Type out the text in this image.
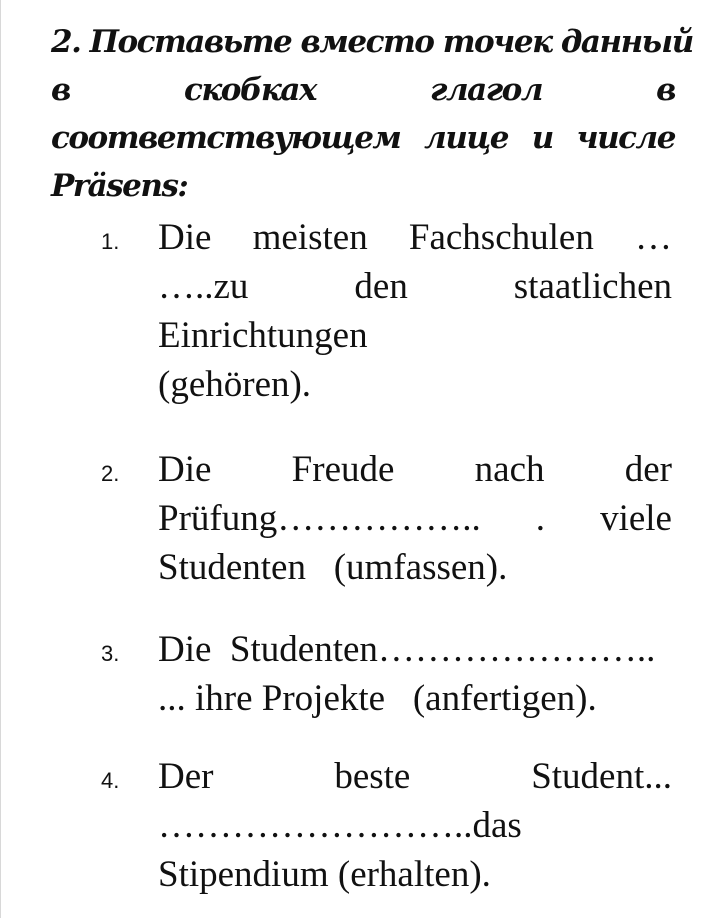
2. Поставьте вместо точек данный
в	скобках	глагол	в
соответствующем лице и числе
Präsens:
1.	Die meisten Fachschulen …
…..zu	den	staatlichen
Einrichtungen
(gehören).
2.	Die Freude nach der
Prüfung…………….. . viele
Studenten   (umfassen).
3.	Die  Studenten…………………..
... ihre Projekte   (anfertigen).
4.	Der	beste	Student...
……………………..das
Stipendium (erhalten).
